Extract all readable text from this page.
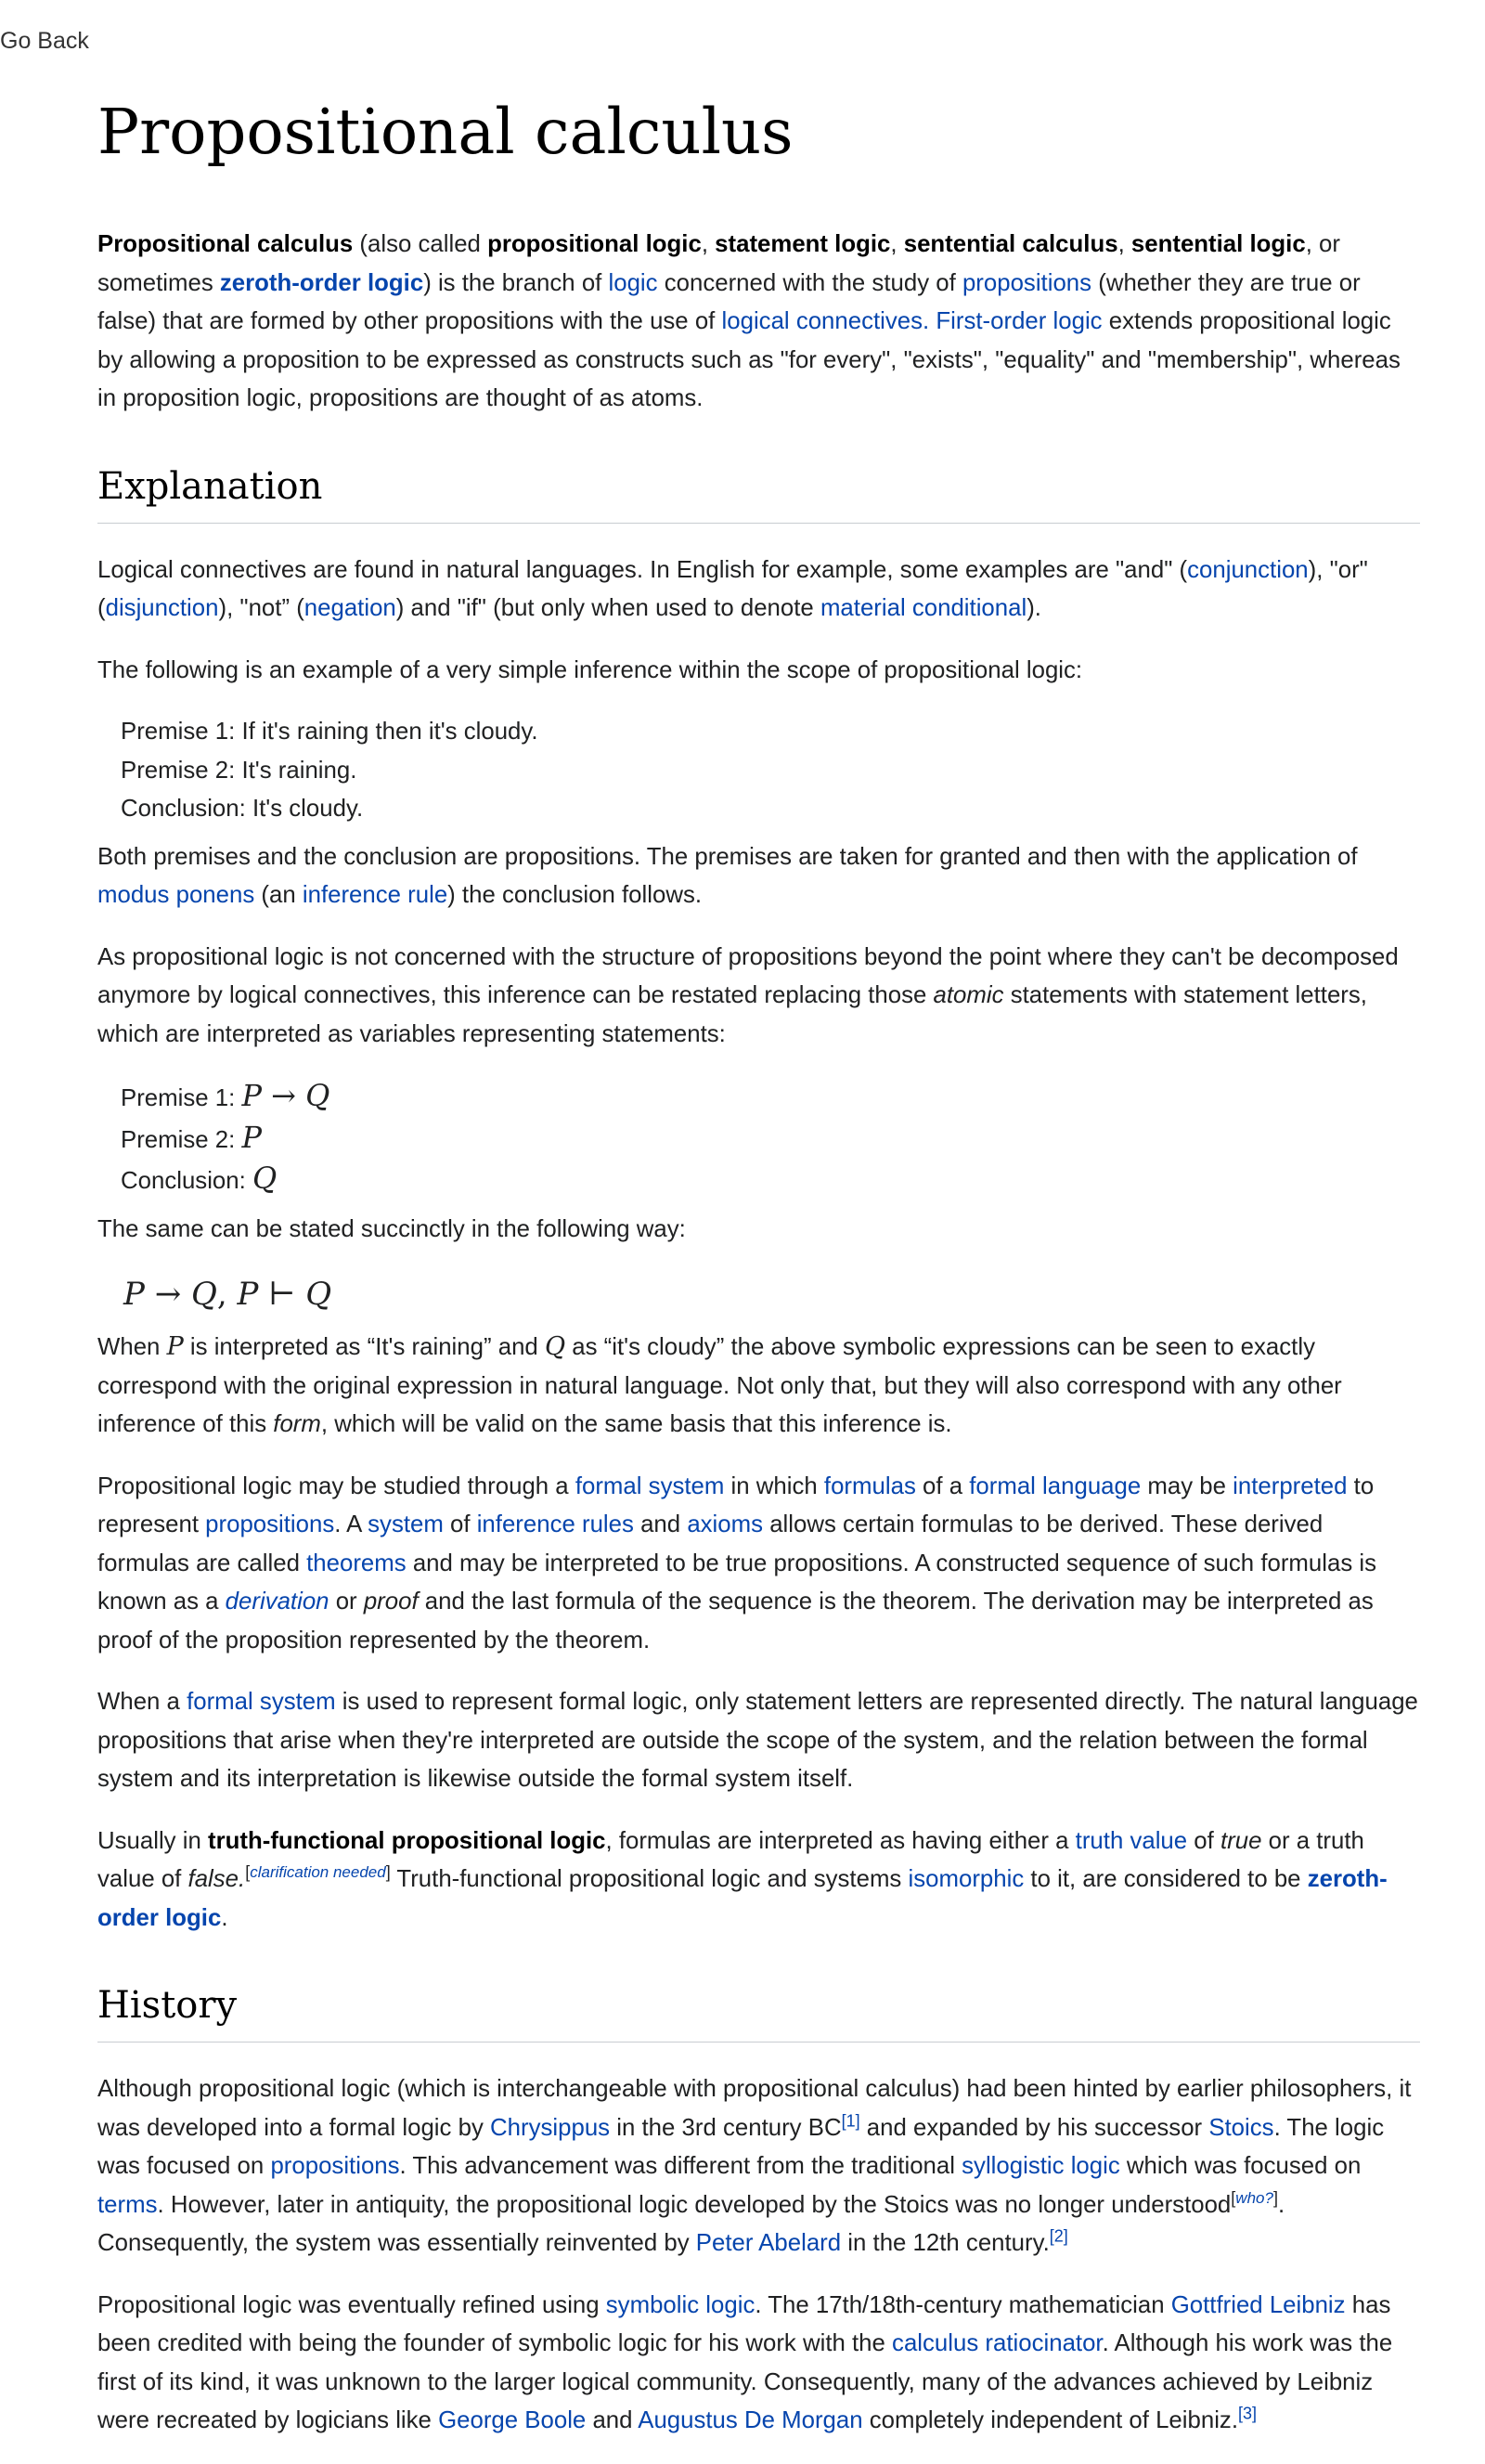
Go Back
Propositional calculus

Propositional calculus (also called propositional logic, statement logic, sentential calculus, sentential logic, or sometimes zeroth-order logic) is the branch of logic concerned with the study of propositions (whether they are true or false) that are formed by other propositions with the use of logical connectives. First-order logic extends propositional logic by allowing a proposition to be expressed as constructs such as "for every", "exists", "equality" and "membership", whereas in proposition logic, propositions are thought of as atoms.

Explanation

Logical connectives are found in natural languages. In English for example, some examples are "and" (conjunction), "or" (disjunction), "not” (negation) and "if" (but only when used to denote material conditional).

The following is an example of a very simple inference within the scope of propositional logic:

Premise 1: If it's raining then it's cloudy.
Premise 2: It's raining.
Conclusion: It's cloudy.

Both premises and the conclusion are propositions. The premises are taken for granted and then with the application of modus ponens (an inference rule) the conclusion follows.

As propositional logic is not concerned with the structure of propositions beyond the point where they can't be decomposed anymore by logical connectives, this inference can be restated replacing those atomic statements with statement letters, which are interpreted as variables representing statements:

Premise 1: P → Q
Premise 2: P
Conclusion: Q

The same can be stated succinctly in the following way:

P → Q, P ⊢ Q

When P is interpreted as “It's raining” and Q as “it's cloudy” the above symbolic expressions can be seen to exactly correspond with the original expression in natural language. Not only that, but they will also correspond with any other inference of this form, which will be valid on the same basis that this inference is.

Propositional logic may be studied through a formal system in which formulas of a formal language may be interpreted to represent propositions. A system of inference rules and axioms allows certain formulas to be derived. These derived formulas are called theorems and may be interpreted to be true propositions. A constructed sequence of such formulas is known as a derivation or proof and the last formula of the sequence is the theorem. The derivation may be interpreted as proof of the proposition represented by the theorem.

When a formal system is used to represent formal logic, only statement letters are represented directly. The natural language propositions that arise when they're interpreted are outside the scope of the system, and the relation between the formal system and its interpretation is likewise outside the formal system itself.

Usually in truth-functional propositional logic, formulas are interpreted as having either a truth value of true or a truth value of false.[clarification needed] Truth-functional propositional logic and systems isomorphic to it, are considered to be zeroth-order logic.

History

Although propositional logic (which is interchangeable with propositional calculus) had been hinted by earlier philosophers, it was developed into a formal logic by Chrysippus in the 3rd century BC[1] and expanded by his successor Stoics. The logic was focused on propositions. This advancement was different from the traditional syllogistic logic which was focused on terms. However, later in antiquity, the propositional logic developed by the Stoics was no longer understood[who?]. Consequently, the system was essentially reinvented by Peter Abelard in the 12th century.[2]

Propositional logic was eventually refined using symbolic logic. The 17th/18th-century mathematician Gottfried Leibniz has been credited with being the founder of symbolic logic for his work with the calculus ratiocinator. Although his work was the first of its kind, it was unknown to the larger logical community. Consequently, many of the advances achieved by Leibniz were recreated by logicians like George Boole and Augustus De Morgan completely independent of Leibniz.[3]
